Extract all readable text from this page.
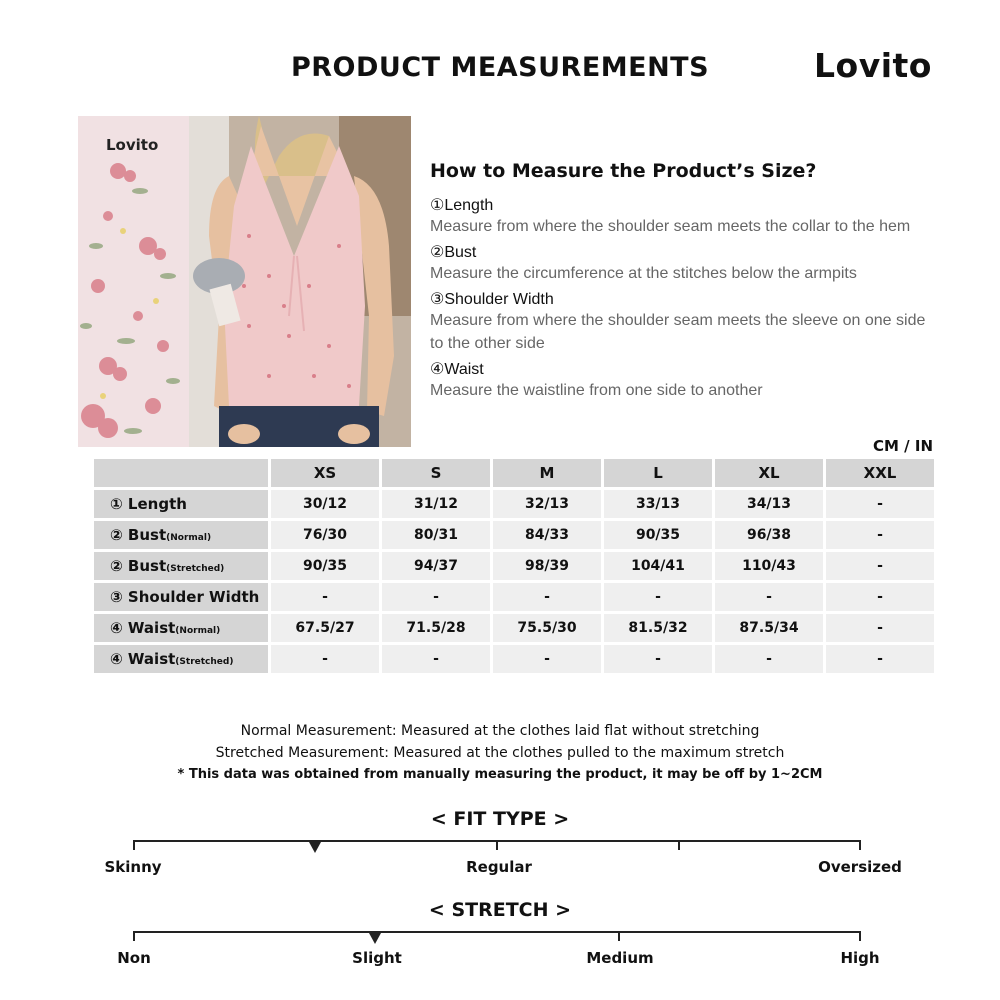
PRODUCT MEASUREMENTS	Lovito
Lovito
How to Measure the Product’s Size?
①Length
Measure from where the shoulder seam meets the collar to the hem
②Bust
Measure the circumference at the stitches below the armpits
③Shoulder Width
Measure from where the shoulder seam meets the sleeve on one side to the other side
④Waist
Measure the waistline from one side to another
CM / IN
	XS	S	M	L	XL	XXL
① Length	30/12	31/12	32/13	33/13	34/13	-
② Bust(Normal)	76/30	80/31	84/33	90/35	96/38	-
② Bust(Stretched)	90/35	94/37	98/39	104/41	110/43	-
③ Shoulder Width	-	-	-	-	-	-
④ Waist(Normal)	67.5/27	71.5/28	75.5/30	81.5/32	87.5/34	-
④ Waist(Stretched)	-	-	-	-	-	-
Normal Measurement: Measured at the clothes laid flat without stretching
Stretched Measurement: Measured at the clothes pulled to the maximum stretch
* This data was obtained from manually measuring the product, it may be off by 1~2CM
< FIT TYPE >
Skinny	Regular	Oversized
< STRETCH >
Non	Slight	Medium	High
